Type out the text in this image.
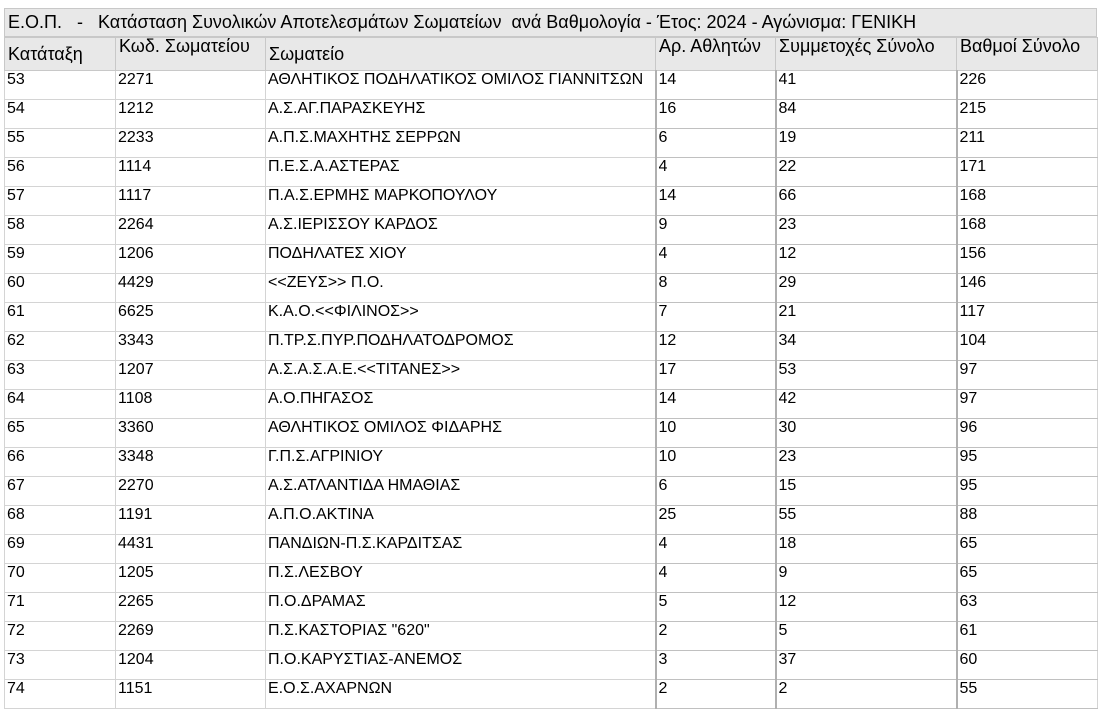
Ε.Ο.Π.   -   Κατάσταση Συνολικών Αποτελεσμάτων Σωματείων  ανά Βαθμολογία - Έτος: 2024 - Αγώνισμα: ΓΕΝΙΚΗ
Κατάταξη	Κωδ. Σωματείου	Σωματείο	Αρ. Αθλητών	Συμμετοχές Σύνολο	Βαθμοί Σύνολο

53	2271	ΑΘΛΗΤΙΚΟΣ ΠΟΔΗΛΑΤΙΚΟΣ ΟΜΙΛΟΣ ΓΙΑΝΝΙΤΣΩΝ	14	41	226

54	1212	Α.Σ.ΑΓ.ΠΑΡΑΣΚΕΥΗΣ	16	84	215

55	2233	Α.Π.Σ.ΜΑΧΗΤΗΣ ΣΕΡΡΩΝ	6	19	211

56	1114	Π.Ε.Σ.Α.ΑΣΤΕΡΑΣ	4	22	171

57	1117	Π.Α.Σ.ΕΡΜΗΣ ΜΑΡΚΟΠΟΥΛΟΥ	14	66	168

58	2264	Α.Σ.ΙΕΡΙΣΣΟΥ ΚΑΡΔΟΣ	9	23	168

59	1206	ΠΟΔΗΛΑΤΕΣ ΧΙΟΥ	4	12	156

60	4429	<<ΖΕΥΣ>> Π.Ο.	8	29	146

61	6625	Κ.Α.Ο.<<ΦΙΛΙΝΟΣ>>	7	21	117

62	3343	Π.ΤΡ.Σ.ΠΥΡ.ΠΟΔΗΛΑΤΟΔΡΟΜΟΣ	12	34	104

63	1207	Α.Σ.Α.Σ.Α.Ε.<<ΤΙΤΑΝΕΣ>>	17	53	97

64	1108	Α.Ο.ΠΗΓΑΣΟΣ	14	42	97

65	3360	ΑΘΛΗΤΙΚΟΣ ΟΜΙΛΟΣ ΦΙΔΑΡΗΣ	10	30	96

66	3348	Γ.Π.Σ.ΑΓΡΙΝΙΟΥ	10	23	95

67	2270	Α.Σ.ΑΤΛΑΝΤΙΔΑ ΗΜΑΘΙΑΣ	6	15	95

68	1191	Α.Π.Ο.ΑΚΤΙΝΑ	25	55	88

69	4431	ΠΑΝΔΙΩΝ-Π.Σ.ΚΑΡΔΙΤΣΑΣ	4	18	65

70	1205	Π.Σ.ΛΕΣΒΟΥ	4	9	65

71	2265	Π.Ο.ΔΡΑΜΑΣ	5	12	63

72	2269	Π.Σ.ΚΑΣΤΟΡΙΑΣ "620"	2	5	61

73	1204	Π.Ο.ΚΑΡΥΣΤΙΑΣ-ΑΝΕΜΟΣ	3	37	60

74	1151	Ε.Ο.Σ.ΑΧΑΡΝΩΝ	2	2	55
